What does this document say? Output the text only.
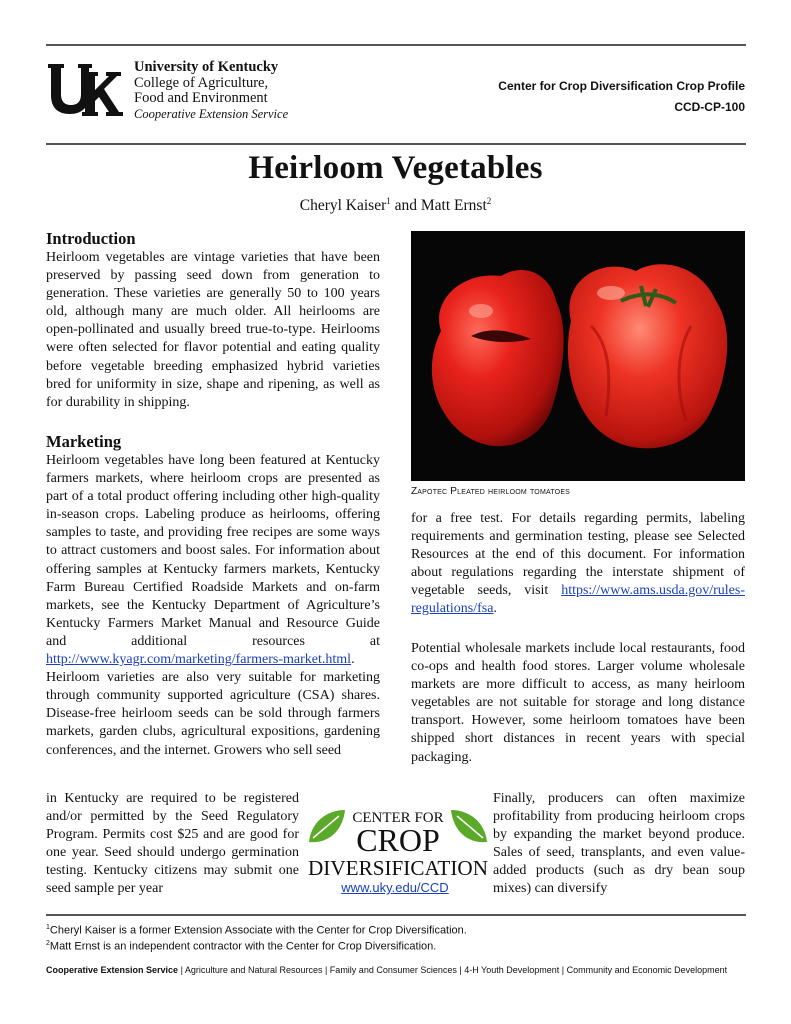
University of Kentucky
College of Agriculture,
Food and Environment
Cooperative Extension Service
Center for Crop Diversification Crop Profile
CCD-CP-100
Heirloom Vegetables
Cheryl Kaiser$^1$ and Matt Ernst$^2$
Introduction

Heirloom vegetables are vintage varieties that have been preserved by passing seed down from generation to generation. These varieties are generally 50 to 100 years old, although many are much older. All heirlooms are open-pollinated and usually breed true-to-type. Heirlooms were often selected for flavor potential and eating quality before vegetable breeding emphasized hybrid varieties bred for uniformity in size, shape and ripening, as well as for durability in shipping.

Marketing

Heirloom vegetables have long been featured at Kentucky farmers markets, where heirloom crops are presented as part of a total product offering including other high-quality in-season crops. Labeling produce as heirlooms, offering samples to taste, and providing free recipes are some ways to attract customers and boost sales. For information about offering samples at Kentucky farmers markets, Kentucky Farm Bureau Certified Roadside Markets and on-farm markets, see the Kentucky Department of Agriculture’s Kentucky Farmers Market Manual and Resource Guide and additional resources at http://www.kyagr.com/marketing/farmers-market.html. Heirloom varieties are also very suitable for marketing through community supported agriculture (CSA) shares. Disease-free heirloom seeds can be sold through farmers markets, garden clubs, agricultural expositions, gardening conferences, and the internet. Growers who sell seed

in Kentucky are required to be registered and/or permitted by the Seed Regulatory Program. Permits cost $25 and are good for one year. Seed should undergo germination testing. Kentucky citizens may submit one seed sample per year

Zapotec Pleated heirloom tomatoes

for a free test. For details regarding permits, labeling requirements and germination testing, please see Selected Resources at the end of this document. For information about regulations regarding the interstate shipment of vegetable seeds, visit https://www.ams.usda.gov/rules-regulations/fsa.

Potential wholesale markets include local restaurants, food co-ops and health food stores. Larger volume wholesale markets are more difficult to access, as many heirloom vegetables are not suitable for storage and long distance transport. However, some heirloom tomatoes have been shipped short distances in recent years with special packaging.

Finally, producers can often maximize profitability from producing heirloom crops by expanding the market beyond produce. Sales of seed, transplants, and even value-added products (such as dry bean soup mixes) can diversify

CENTER FOR
CROP
DIVERSIFICATION
www.uky.edu/CCD
$^1$Cheryl Kaiser is a former Extension Associate with the Center for Crop Diversification.
$^2$Matt Ernst is an independent contractor with the Center for Crop Diversification.
Cooperative Extension Service | Agriculture and Natural Resources | Family and Consumer Sciences | 4-H Youth Development | Community and Economic Development
